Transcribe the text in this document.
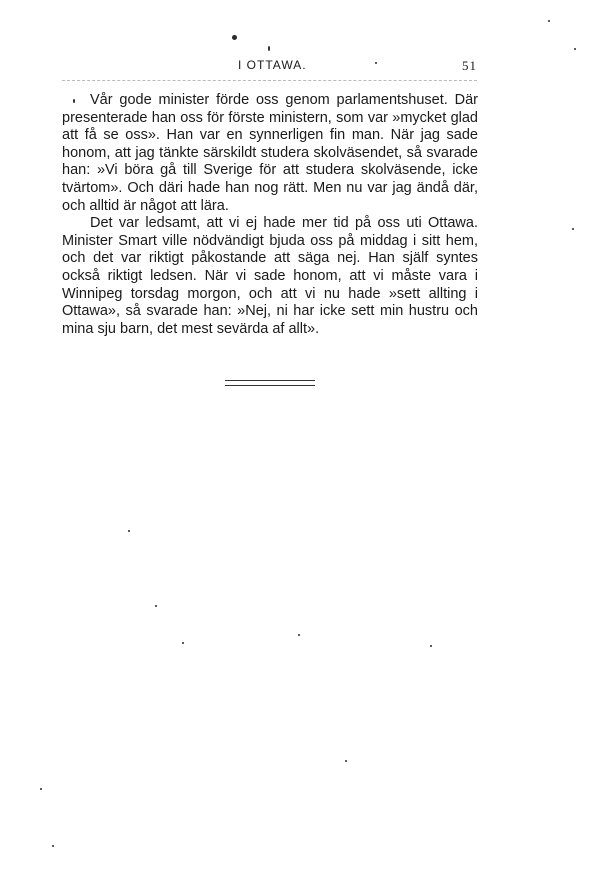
I OTTAWA.	51

Vår gode minister förde oss genom parlamentshuset. Där presenterade han oss för förste ministern, som var »mycket glad att få se oss». Han var en synnerligen fin man. När jag sade honom, att jag tänkte särskildt studera skolväsendet, så svarade han: »Vi böra gå till Sverige för att studera skolväsende, icke tvärtom». Och däri hade han nog rätt. Men nu var jag ändå där, och alltid är något att lära.

Det var ledsamt, att vi ej hade mer tid på oss uti Ottawa. Minister Smart ville nödvändigt bjuda oss på middag i sitt hem, och det var riktigt påkostande att säga nej. Han själf syntes också riktigt ledsen. När vi sade honom, att vi måste vara i Winnipeg torsdag morgon, och att vi nu hade »sett allting i Ottawa», så svarade han: »Nej, ni har icke sett min hustru och mina sju barn, det mest sevärda af allt».
